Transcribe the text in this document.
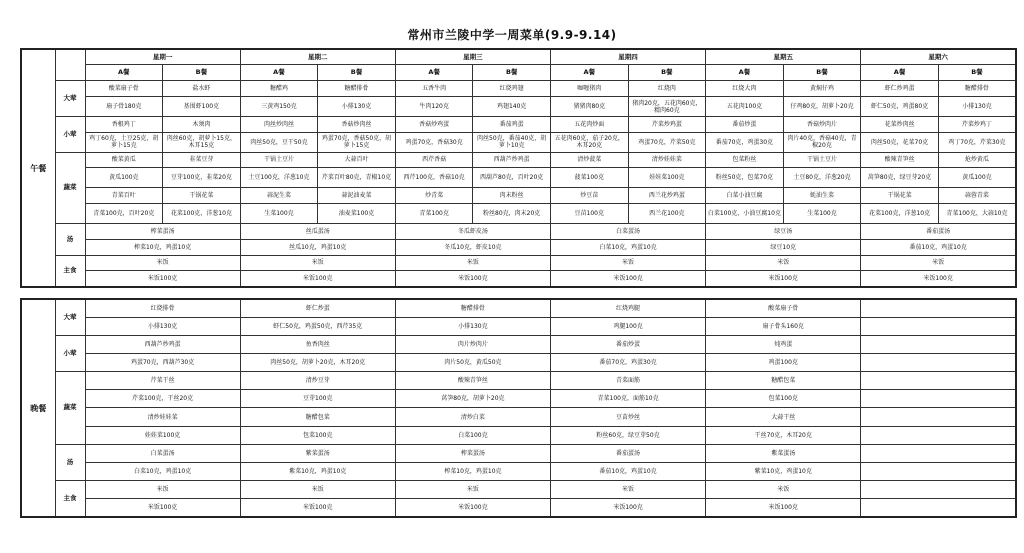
常州市兰陵中学一周菜单(9.9-9.14)
午餐		星期一		星期二		星期三		星期四		星期五		星期六	
		A餐	B餐	A餐	B餐	A餐	B餐	A餐	B餐	A餐	B餐	A餐	B餐
	大荤	酸菜扇子骨	盐水虾	糖醋鸡	糖醋排骨	五香牛肉	红烧鸡翅	咖喱猪肉	红烧肉	红烧大肉	黄焖仔鸡	虾仁炒鸡蛋	糖醋排骨
		扇子骨180克	基围虾100克	三黄鸡150克	小排130克	牛肉120克	鸡翅140克	猪猪肉80克	猪肉20克，五花肉60克，精肉60克	五花肉100克	仔鸡80克，胡萝卜20克	虾仁50克，鸡蛋80克	小排130克
	小荤	香根鸡丁	木须肉	肉丝炒肉丝	香菇炒肉丝	香菇炒鸡蛋	番茄鸡蛋	五花肉炒面	芹菜炒鸡蛋	番茄炒蛋	香菇炒肉片	花菜炒肉丝	芹菜炒鸡丁
		鸡丁60克，土豆25克，胡萝卜15克	肉丝60克，胡萝卜15克，木耳15克	肉丝50克，豆干50克	鸡蛋70克，香菇50克，胡萝卜15克	鸡蛋70克，香菇30克	肉丝50克，番茄40克，胡萝卜10克	五花肉60克，茄子20克，木耳20克	鸡蛋70克，芹菜50克	番茄70克，鸡蛋30克	肉片40克，香菇40克，青椒20克	肉丝50克，花菜70克	鸡丁70克，芹菜30克
	蔬菜	酸菜黄瓜	韭菜豆芽	干锅土豆片	大蒜百叶	西芹香菇	西葫芦炒鸡蛋	清炒菠菜	清炒娃娃菜	包菜粉丝	干锅土豆片	酸辣青笋丝	炝炒黄瓜
		黄瓜100克	豆芽100克，韭菜20克	土豆100克，洋葱10克	芹菜百叶80克，青椒10克	西芹100克，香菇10克	西葫芦80克，百叶20克	菠菜100克	娃娃菜100克	粉丝50克，包菜70克	土豆80克，洋葱20克	莴笋80克，绿豆芽20克	黄瓜100克
		青菜百叶	干锅花菜	蒜泥生菜	蒜泥油麦菜	炒青菜	肉末粉丝	炒豆苗	西兰花炒鸡蛋	白菜小油豆腐	蚝油生菜	干锅花菜	蒜蓉青菜
		青菜100克，百叶20克	花菜100克，洋葱10克	生菜100克	油麦菜100克	青菜100克	粉丝80克，肉末20克	豆苗100克	西兰花100克	白菜100克，小油豆腐10克	生菜100克	花菜100克，洋葱10克	青菜100克，大蒜10克
	汤	榨菜蛋汤		丝瓜蛋汤		冬瓜虾皮汤		白菜蛋汤		绿豆汤		番茄蛋汤	
		榨菜10克，鸡蛋10克		丝瓜10克，鸡蛋10克		冬瓜10克，虾皮10克		白菜10克，鸡蛋10克		绿豆10克		番茄10克，鸡蛋10克	
	主食	米饭		米饭		米饭		米饭		米饭		米饭	
		米饭100克		米饭100克		米饭100克		米饭100克		米饭100克		米饭100克	
晚餐	大荤	红烧排骨	虾仁炒蛋	糖醋排骨	红烧鸡腿	酸菜扇子骨	
		小排130克	虾仁50克，鸡蛋50克，西芹35克	小排130克	鸡腿100克	扇子骨头160克	
	小荤	西葫芦炒鸡蛋	鱼香肉丝	肉片炒肉片	番茄炒蛋	炖鸡蛋	
		鸡蛋70克，西葫芦30克	肉丝50克，胡萝卜20克，木耳20克	肉片50克，黄瓜50克	番茄70克，鸡蛋30克	鸡蛋100克	
	蔬菜	芹菜干丝	清炒豆芽	酸辣青笋丝	青菜面筋	糖醋包菜	
		芹菜100克，干丝20克	豆芽100克	莴笋80克，胡萝卜20克	青菜100克，面筋10克	包菜100克	
		清炒娃娃菜	糖醋包菜	清炒白菜	豆苗炒丝	大蒜干丝	
		娃娃菜100克	包菜100克	白菜100克	粉丝60克，绿豆芽50克	干丝70克，木耳20克	
	汤	白菜蛋汤	紫菜蛋汤	榨菜蛋汤	番茄蛋汤	紫菜蛋汤	
		白菜10克，鸡蛋10克	紫菜10克，鸡蛋10克	榨菜10克，鸡蛋10克	番茄10克，鸡蛋10克	紫菜10克，鸡蛋10克	
	主食	米饭	米饭	米饭	米饭	米饭	
		米饭100克	米饭100克	米饭100克	米饭100克	米饭100克	
